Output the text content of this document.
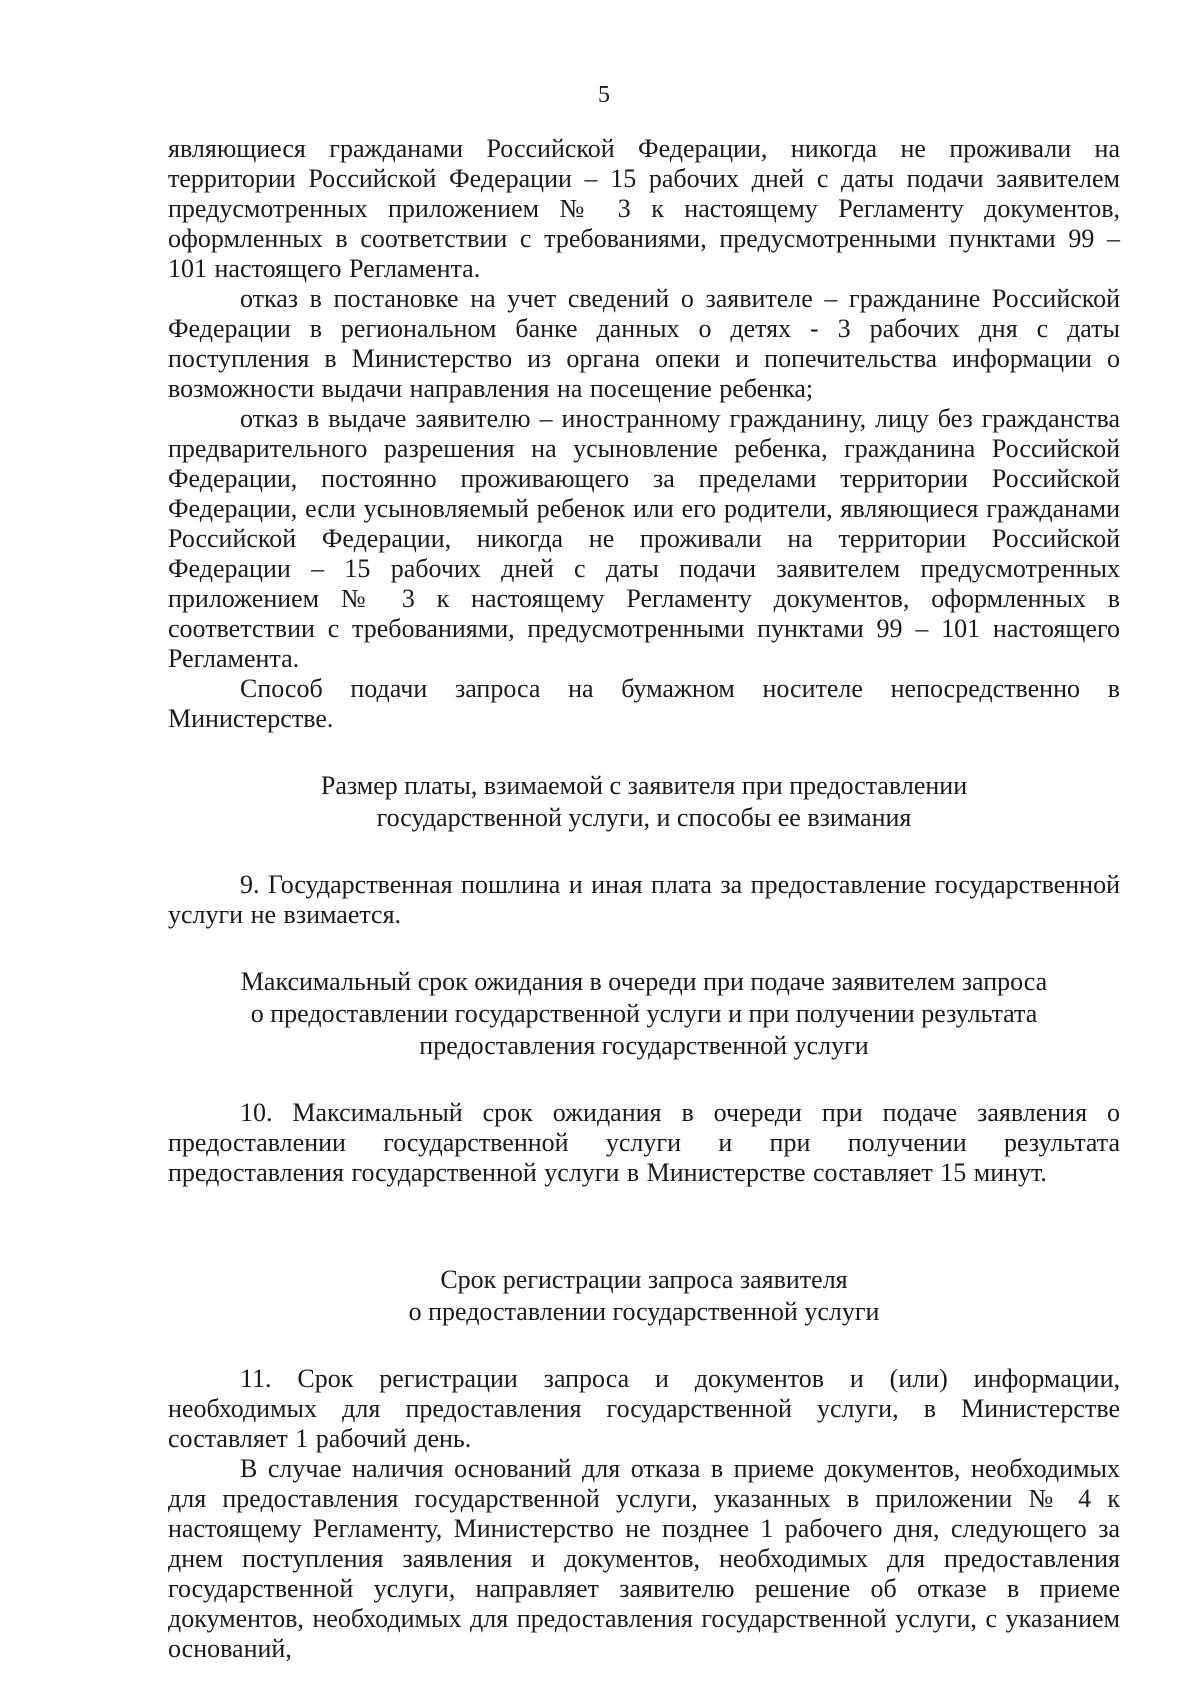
5

являющиеся гражданами Российской Федерации, никогда не проживали на территории Российской Федерации – 15 рабочих дней с даты подачи заявителем предусмотренных приложением № 3 к настоящему Регламенту документов, оформленных в соответствии с требованиями, предусмотренными пунктами 99 – 101 настоящего Регламента.

отказ в постановке на учет сведений о заявителе – гражданине Российской Федерации в региональном банке данных о детях - 3 рабочих дня с даты поступления в Министерство из органа опеки и попечительства информации о возможности выдачи направления на посещение ребенка;

отказ в выдаче заявителю – иностранному гражданину, лицу без гражданства предварительного разрешения на усыновление ребенка, гражданина Российской Федерации, постоянно проживающего за пределами территории Российской Федерации, если усыновляемый ребенок или его родители, являющиеся гражданами Российской Федерации, никогда не проживали на территории Российской Федерации – 15 рабочих дней с даты подачи заявителем предусмотренных приложением № 3 к настоящему Регламенту документов, оформленных в соответствии с требованиями, предусмотренными пунктами 99 – 101 настоящего Регламента.

Способ подачи запроса на бумажном носителе непосредственно в Министерстве.

Размер платы, взимаемой с заявителя при предоставлении
государственной услуги, и способы ее взимания

9. Государственная пошлина и иная плата за предоставление государственной услуги не взимается.

Максимальный срок ожидания в очереди при подаче заявителем запроса
о предоставлении государственной услуги и при получении результата
предоставления государственной услуги

10. Максимальный срок ожидания в очереди при подаче заявления о предоставлении государственной услуги и при получении результата предоставления государственной услуги в Министерстве составляет 15 минут.

Срок регистрации запроса заявителя
о предоставлении государственной услуги

11. Срок регистрации запроса и документов и (или) информации, необходимых для предоставления государственной услуги, в Министерстве составляет 1 рабочий день.

В случае наличия оснований для отказа в приеме документов, необходимых для предоставления государственной услуги, указанных в приложении № 4 к настоящему Регламенту, Министерство не позднее 1 рабочего дня, следующего за днем поступления заявления и документов, необходимых для предоставления государственной услуги, направляет заявителю решение об отказе в приеме документов, необходимых для предоставления государственной услуги, с указанием оснований,
